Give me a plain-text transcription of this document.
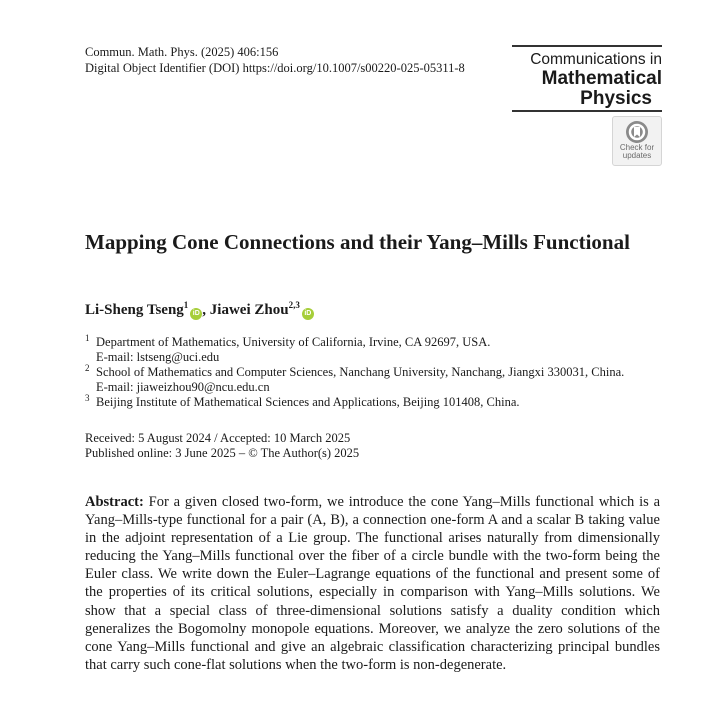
Commun. Math. Phys. (2025) 406:156
Digital Object Identifier (DOI) https://doi.org/10.1007/s00220-025-05311-8	Communications in
Mathematical
Physics
Check for
updates
Mapping Cone Connections and their Yang–Mills Functional
Li-Sheng Tseng$^1$iD , Jiawei Zhou$^{2,3}$iD
1 Department of Mathematics, University of California, Irvine, CA 92697, USA.
E-mail: lstseng@uci.edu
2 School of Mathematics and Computer Sciences, Nanchang University, Nanchang, Jiangxi 330031, China.
E-mail: jiaweizhou90@ncu.edu.cn
3 Beijing Institute of Mathematical Sciences and Applications, Beijing 101408, China.
Received: 5 August 2024 / Accepted: 10 March 2025
Published online: 3 June 2025 – © The Author(s) 2025
Abstract: For a given closed two-form, we introduce the cone Yang–Mills functional which is a Yang–Mills-type functional for a pair (A, B), a connection one-form A and a scalar B taking value in the adjoint representation of a Lie group. The functional arises naturally from dimensionally reducing the Yang–Mills functional over the fiber of a circle bundle with the two-form being the Euler class. We write down the Euler–Lagrange equations of the functional and present some of the properties of its critical solutions, especially in comparison with Yang–Mills solutions. We show that a special class of three-dimensional solutions satisfy a duality condition which generalizes the Bogomolny monopole equations. Moreover, we analyze the zero solutions of the cone Yang–Mills functional and give an algebraic classification characterizing principal bundles that carry such cone-flat solutions when the two-form is non-degenerate.
